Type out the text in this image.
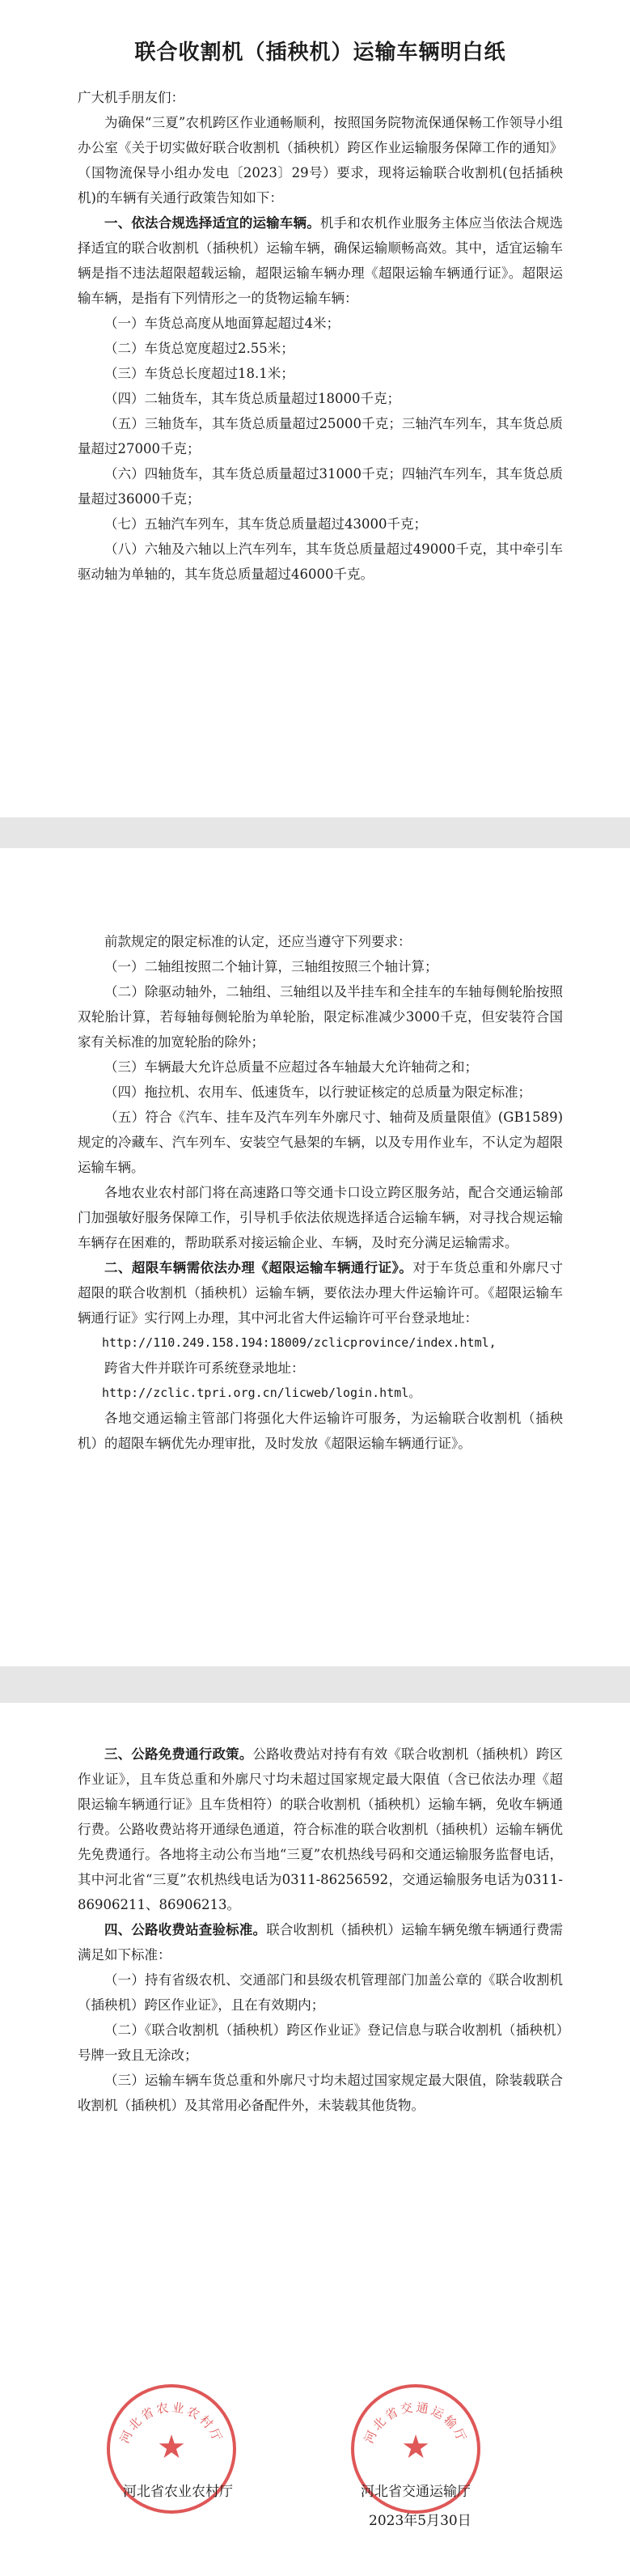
联合收割机（插秧机）运输车辆明白纸

广大机手朋友们：

为确保“三夏”农机跨区作业通畅顺利，按照国务院物流保通保畅工作领导小组办公室《关于切实做好联合收割机（插秧机）跨区作业运输服务保障工作的通知》（国物流保导小组办发电〔2023〕29号）要求，现将运输联合收割机(包括插秧机)的车辆有关通行政策告知如下：

一、依法合规选择适宜的运输车辆。机手和农机作业服务主体应当依法合规选择适宜的联合收割机（插秧机）运输车辆，确保运输顺畅高效。其中，适宜运输车辆是指不违法超限超载运输，超限运输车辆办理《超限运输车辆通行证》。超限运输车辆，是指有下列情形之一的货物运输车辆：

（一）车货总高度从地面算起超过4米；

（二）车货总宽度超过2.55米；

（三）车货总长度超过18.1米；

（四）二轴货车，其车货总质量超过18000千克；

（五）三轴货车，其车货总质量超过25000千克；三轴汽车列车，其车货总质量超过27000千克；

（六）四轴货车，其车货总质量超过31000千克；四轴汽车列车，其车货总质量超过36000千克；

（七）五轴汽车列车，其车货总质量超过43000千克；

（八）六轴及六轴以上汽车列车，其车货总质量超过49000千克，其中牵引车驱动轴为单轴的，其车货总质量超过46000千克。

前款规定的限定标准的认定，还应当遵守下列要求：

（一）二轴组按照二个轴计算，三轴组按照三个轴计算；

（二）除驱动轴外，二轴组、三轴组以及半挂车和全挂车的车轴每侧轮胎按照双轮胎计算，若每轴每侧轮胎为单轮胎，限定标准减少3000千克，但安装符合国家有关标准的加宽轮胎的除外；

（三）车辆最大允许总质量不应超过各车轴最大允许轴荷之和；

（四）拖拉机、农用车、低速货车，以行驶证核定的总质量为限定标准；

（五）符合《汽车、挂车及汽车列车外廓尺寸、轴荷及质量限值》(GB1589)规定的冷藏车、汽车列车、安装空气悬架的车辆，以及专用作业车，不认定为超限运输车辆。

各地农业农村部门将在高速路口等交通卡口设立跨区服务站，配合交通运输部门加强敏好服务保障工作，引导机手依法依规选择适合运输车辆，对寻找合规运输车辆存在困难的，帮助联系对接运输企业、车辆，及时充分满足运输需求。

二、超限车辆需依法办理《超限运输车辆通行证》。对于车货总重和外廓尺寸超限的联合收割机（插秧机）运输车辆，要依法办理大件运输许可。《超限运输车辆通行证》实行网上办理，其中河北省大件运输许可平台登录地址：

http://110.249.158.194:18009/zclicprovince/index.html,

跨省大件并联许可系统登录地址：

http://zclic.tpri.org.cn/licweb/login.html。

各地交通运输主管部门将强化大件运输许可服务，为运输联合收割机（插秧机）的超限车辆优先办理审批，及时发放《超限运输车辆通行证》。

三、公路免费通行政策。公路收费站对持有有效《联合收割机（插秧机）跨区作业证》，且车货总重和外廓尺寸均未超过国家规定最大限值（含已依法办理《超限运输车辆通行证》且车货相符）的联合收割机（插秧机）运输车辆，免收车辆通行费。公路收费站将开通绿色通道，符合标准的联合收割机（插秧机）运输车辆优先免费通行。各地将主动公布当地“三夏”农机热线号码和交通运输服务监督电话，其中河北省“三夏”农机热线电话为0311-86256592，交通运输服务电话为0311-86906211、86906213。

四、公路收费站查验标准。联合收割机（插秧机）运输车辆免缴车辆通行费需满足如下标准：

（一）持有省级农机、交通部门和县级农机管理部门加盖公章的《联合收割机（插秧机）跨区作业证》，且在有效期内；

（二）《联合收割机（插秧机）跨区作业证》登记信息与联合收割机（插秧机）号牌一致且无涂改；

（三）运输车辆车货总重和外廓尺寸均未超过国家规定最大限值，除装载联合收割机（插秧机）及其常用必备配件外，未装载其他货物。

河北省农业农村厅
★	河北省交通运输厅
★
河北省农业农村厅	河北省交通运输厅
2023年5月30日
